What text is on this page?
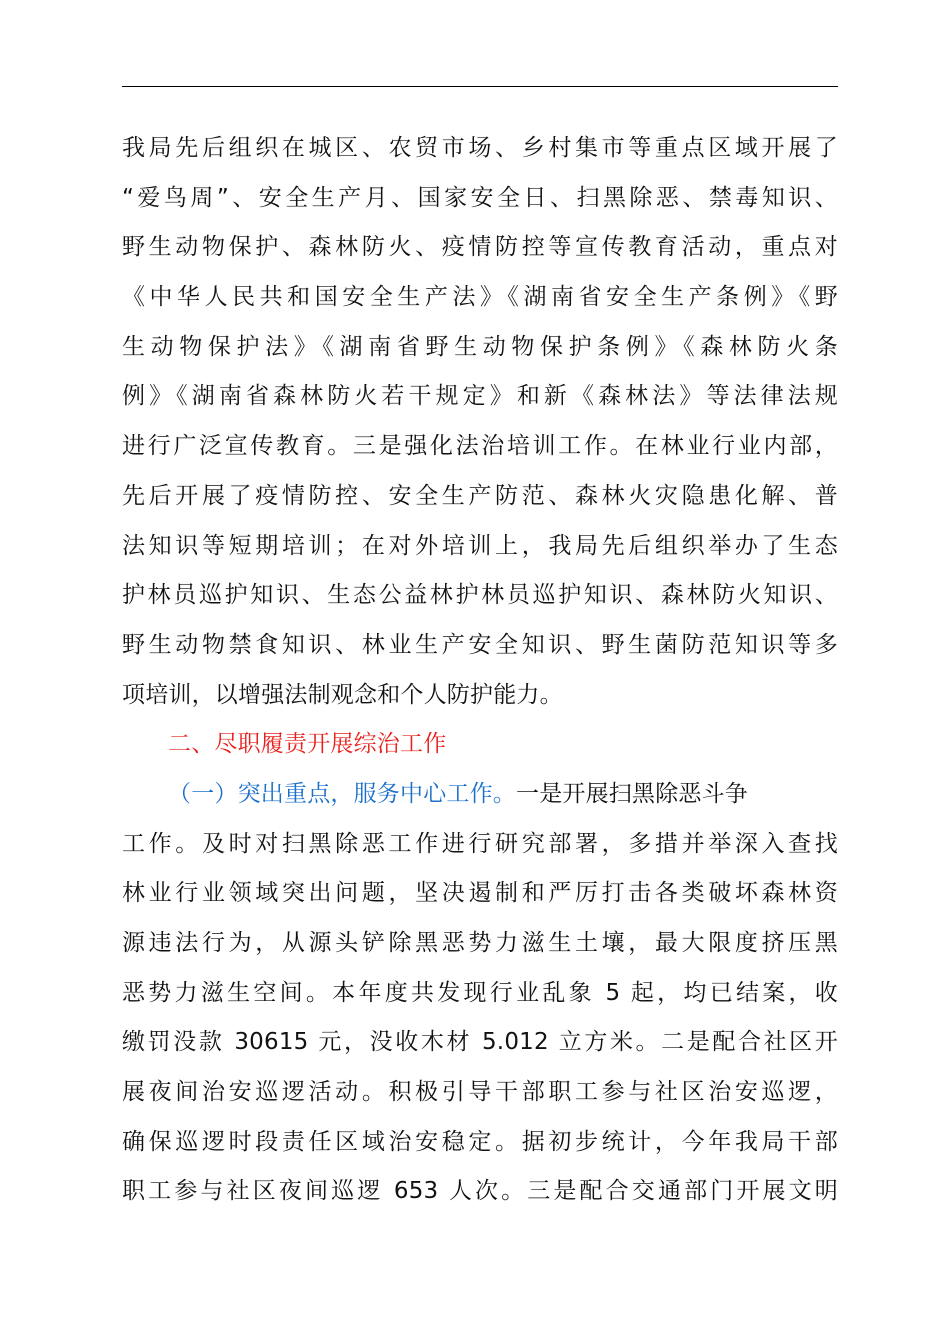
我局先后组织在城区、农贸市场、乡村集市等重点区域开展了
“爱鸟周”、安全生产月、国家安全日、扫黑除恶、禁毒知识、
野生动物保护、森林防火、疫情防控等宣传教育活动，重点对
《中华人民共和国安全生产法》《湖南省安全生产条例》《野
生动物保护法》《湖南省野生动物保护条例》《森林防火条
例》《湖南省森林防火若干规定》和新《森林法》等法律法规
进行广泛宣传教育。三是强化法治培训工作。在林业行业内部，
先后开展了疫情防控、安全生产防范、森林火灾隐患化解、普
法知识等短期培训；在对外培训上，我局先后组织举办了生态
护林员巡护知识、生态公益林护林员巡护知识、森林防火知识、
野生动物禁食知识、林业生产安全知识、野生菌防范知识等多
项培训，以增强法制观念和个人防护能力。
二、尽职履责开展综治工作
（一）突出重点，服务中心工作。一是开展扫黑除恶斗争
工作。及时对扫黑除恶工作进行研究部署，多措并举深入查找
林业行业领域突出问题，坚决遏制和严厉打击各类破坏森林资
源违法行为，从源头铲除黑恶势力滋生土壤，最大限度挤压黑
恶势力滋生空间。本年度共发现行业乱象 5 起，均已结案，收
缴罚没款 30615 元，没收木材 5.012 立方米。二是配合社区开
展夜间治安巡逻活动。积极引导干部职工参与社区治安巡逻，
确保巡逻时段责任区域治安稳定。据初步统计，今年我局干部
职工参与社区夜间巡逻 653 人次。三是配合交通部门开展文明
